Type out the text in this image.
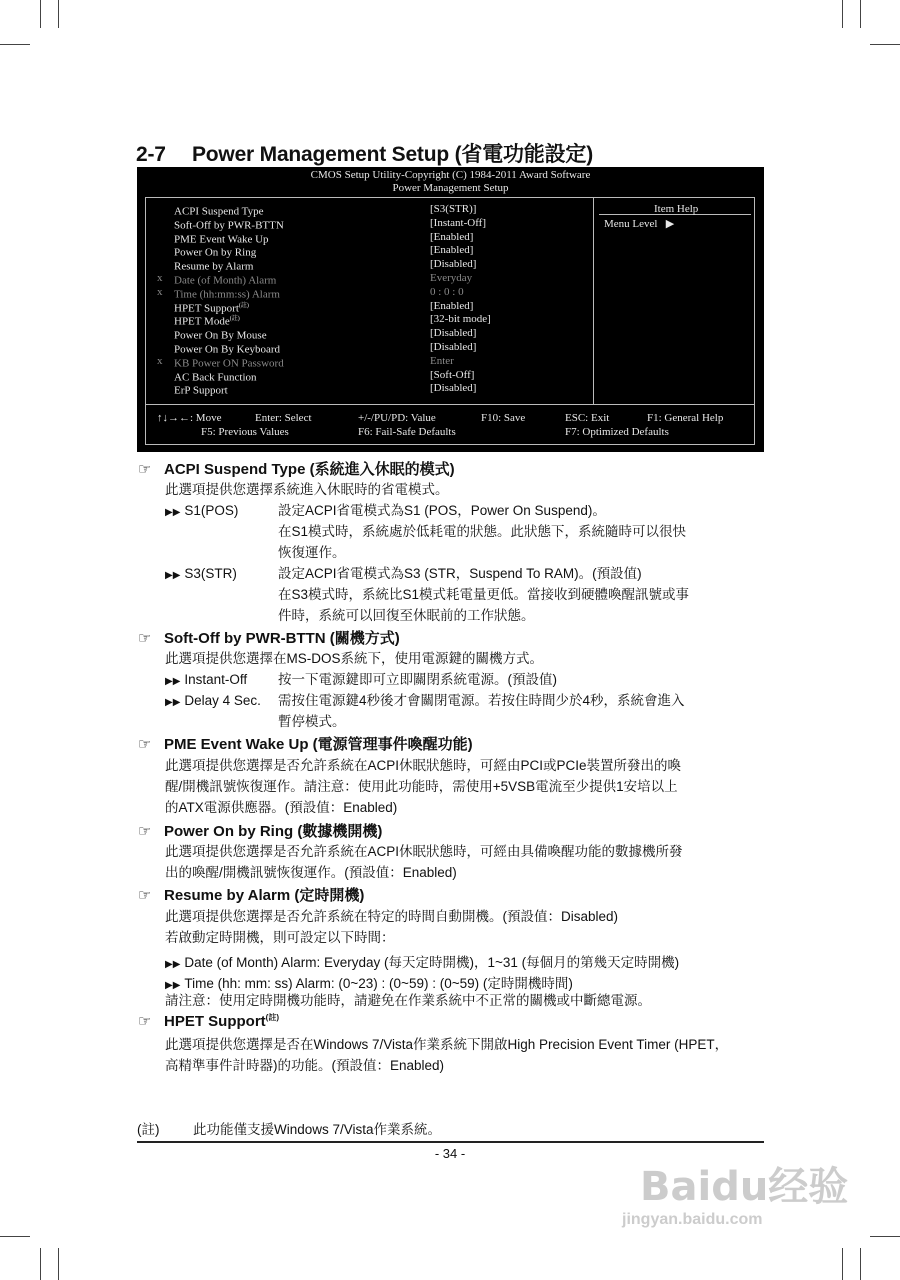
2-7 Power Management Setup (省電功能設定)
CMOS Setup Utility-Copyright (C) 1984-2011 Award Software
Power Management Setup
Item Help
Menu Level ▶
ACPI Suspend Type	[S3(STR)]
Soft-Off by PWR-BTTN	[Instant-Off]
PME Event Wake Up	[Enabled]
Power On by Ring	[Enabled]
Resume by Alarm	[Disabled]
x Date (of Month) Alarm	Everyday
x Time (hh:mm:ss) Alarm	0 : 0 : 0
HPET Support$^{(註)}$	[Enabled]
HPET Mode$^{(註)}$	[32-bit mode]
Power On By Mouse	[Disabled]
Power On By Keyboard	[Disabled]
x KB Power ON Password	Enter
AC Back Function	[Soft-Off]
ErP Support	[Disabled]
↑↓→←: Move	Enter: Select	+/-/PU/PD: Value	F10: Save	ESC: Exit	F1: General Help
F5: Previous Values	F6: Fail-Safe Defaults	F7: Optimized Defaults
☞ ACPI Suspend Type (系統進入休眠的模式)
此選項提供您選擇系統進入休眠時的省電模式。
▶▶ S1(POS)	設定ACPI省電模式為S1 (POS，Power On Suspend)。
在S1模式時，系統處於低耗電的狀態。此狀態下，系統隨時可以很快
恢復運作。
▶▶ S3(STR)	設定ACPI省電模式為S3 (STR，Suspend To RAM)。(預設值)
在S3模式時，系統比S1模式耗電量更低。當接收到硬體喚醒訊號或事
件時，系統可以回復至休眠前的工作狀態。
☞ Soft-Off by PWR-BTTN (關機方式)
此選項提供您選擇在MS-DOS系統下，使用電源鍵的關機方式。
▶▶ Instant-Off 按一下電源鍵即可立即關閉系統電源。(預設值)
▶▶ Delay 4 Sec. 需按住電源鍵4秒後才會關閉電源。若按住時間少於4秒，系統會進入
暫停模式。
☞ PME Event Wake Up (電源管理事件喚醒功能)
此選項提供您選擇是否允許系統在ACPI休眠狀態時，可經由PCI或PCIe裝置所發出的喚
醒/開機訊號恢復運作。請注意：使用此功能時，需使用+5VSB電流至少提供1安培以上
的ATX電源供應器。(預設值：Enabled)
☞ Power On by Ring (數據機開機)
此選項提供您選擇是否允許系統在ACPI休眠狀態時，可經由具備喚醒功能的數據機所發
出的喚醒/開機訊號恢復運作。(預設值：Enabled)
☞ Resume by Alarm (定時開機)
此選項提供您選擇是否允許系統在特定的時間自動開機。(預設值：Disabled)
若啟動定時開機，則可設定以下時間：
▶▶ Date (of Month) Alarm: Everyday (每天定時開機)，1~31 (每個月的第幾天定時開機)
▶▶ Time (hh: mm: ss) Alarm: (0~23) : (0~59) : (0~59) (定時開機時間)
請注意：使用定時開機功能時，請避免在作業系統中不正常的關機或中斷總電源。
☞ HPET Support$^{(註)}$
此選項提供您選擇是否在Windows 7/Vista作業系統下開啟High Precision Event Timer (HPET，
高精準事件計時器)的功能。(預設值：Enabled)
(註) 此功能僅支援Windows 7/Vista作業系統。
- 34 -
Baidu经验
jingyan.baidu.com
